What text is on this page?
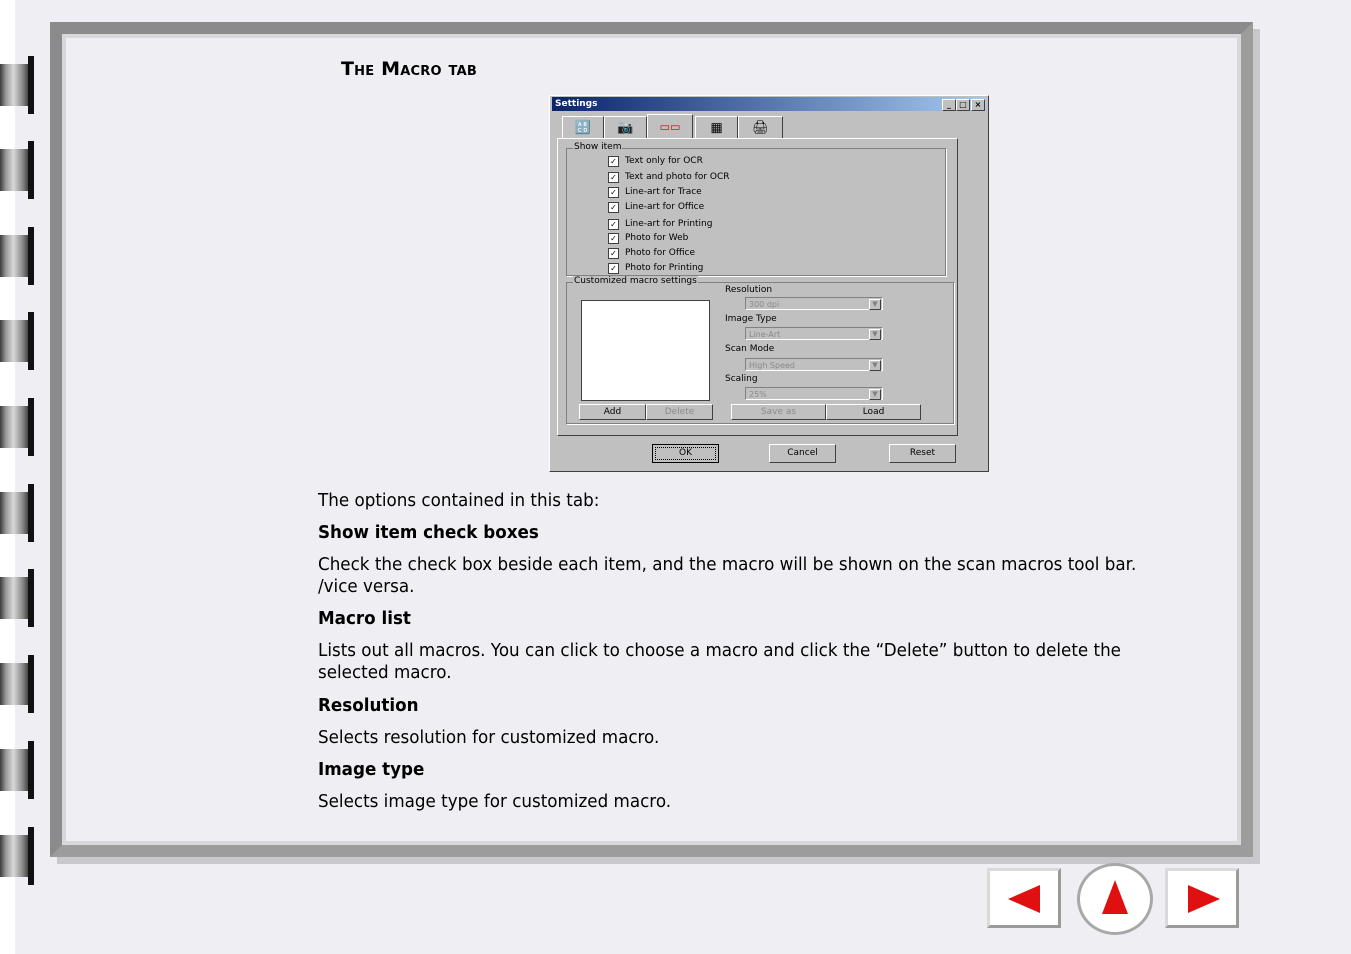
The Macro tab
Settings	_	□ ×
🔠 📷 ▭▭ ▦ 🖨
Show item
✓ Text only for OCR
✓ Text and photo for OCR
✓ Line-art for Trace
✓ Line-art for Office
✓ Line-art for Printing
✓ Photo for Web
✓ Photo for Office
✓ Photo for Printing
Customized macro settings
Resolution
300 dpi	▼
Image Type
Line-Art	▼
Scan Mode
High Speed	▼
Scaling
25%	▼
Add	Delete	Save as	Load
OK	Cancel	Reset
The options contained in this tab:
Show item check boxes
Check the check box beside each item, and the macro will be shown on the scan macros tool bar. /vice versa.
Macro list
Lists out all macros. You can click to choose a macro and click the “Delete” button to delete the selected macro.
Resolution
Selects resolution for customized macro.
Image type
Selects image type for customized macro.
